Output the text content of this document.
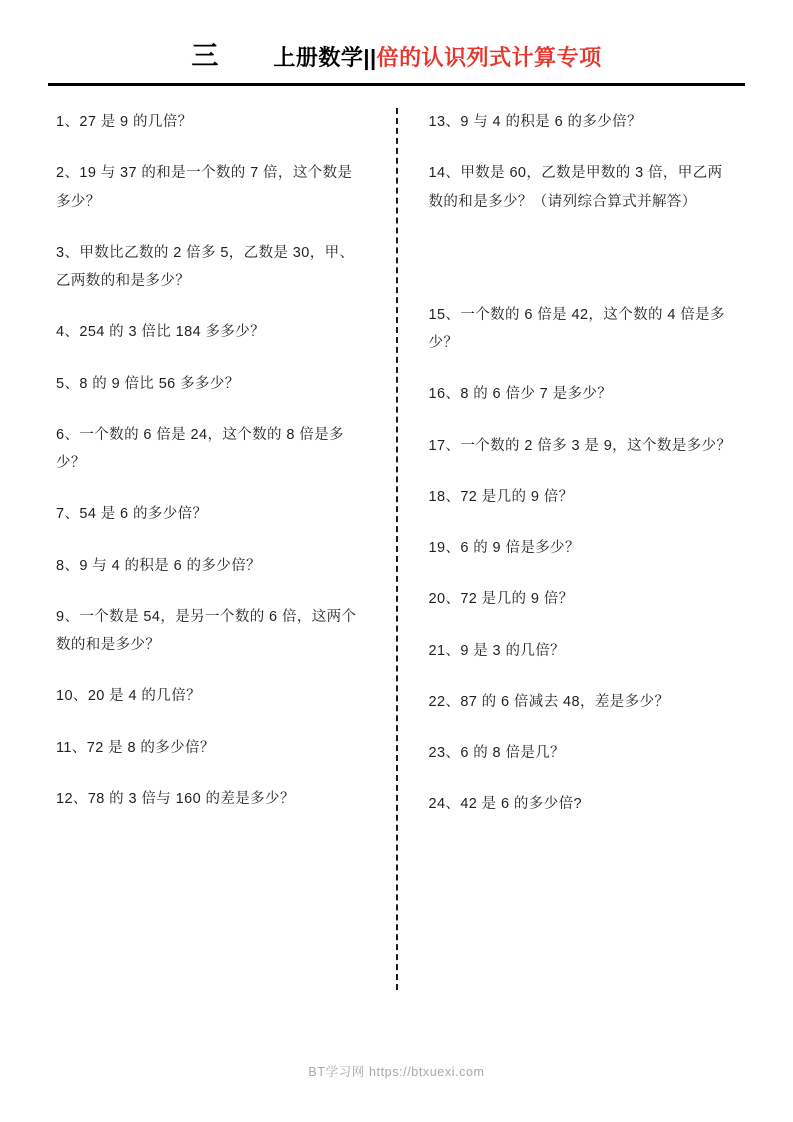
三 上册数学|| 倍的认识列式计算专项
1、27 是 9 的几倍？
2、19 与 37 的和是一个数的 7 倍，这个数是多少？
3、甲数比乙数的 2 倍多 5，乙数是 30，甲、乙两数的和是多少？
4、254 的 3 倍比 184 多多少？
5、8 的 9 倍比 56 多多少？
6、一个数的 6 倍是 24，这个数的 8 倍是多少？
7、54 是 6 的多少倍？
8、9 与 4 的积是 6 的多少倍？
9、一个数是 54，是另一个数的 6 倍，这两个数的和是多少？
10、20 是 4 的几倍？
11、72 是 8 的多少倍？
12、78 的 3 倍与 160 的差是多少？
13、9 与 4 的积是 6 的多少倍？
14、甲数是 60，乙数是甲数的 3 倍，甲乙两数的和是多少？（请列综合算式并解答）
15、一个数的 6 倍是 42，这个数的 4 倍是多少？
16、8 的 6 倍少 7 是多少？
17、一个数的 2 倍多 3 是 9，这个数是多少？
18、72 是几的 9 倍？
19、6 的 9 倍是多少？
20、72 是几的 9 倍？
21、9 是 3 的几倍？
22、87 的 6 倍减去 48，差是多少？
23、6 的 8 倍是几？
24、42 是 6 的多少倍?
BT学习网 https://btxuexi.com
